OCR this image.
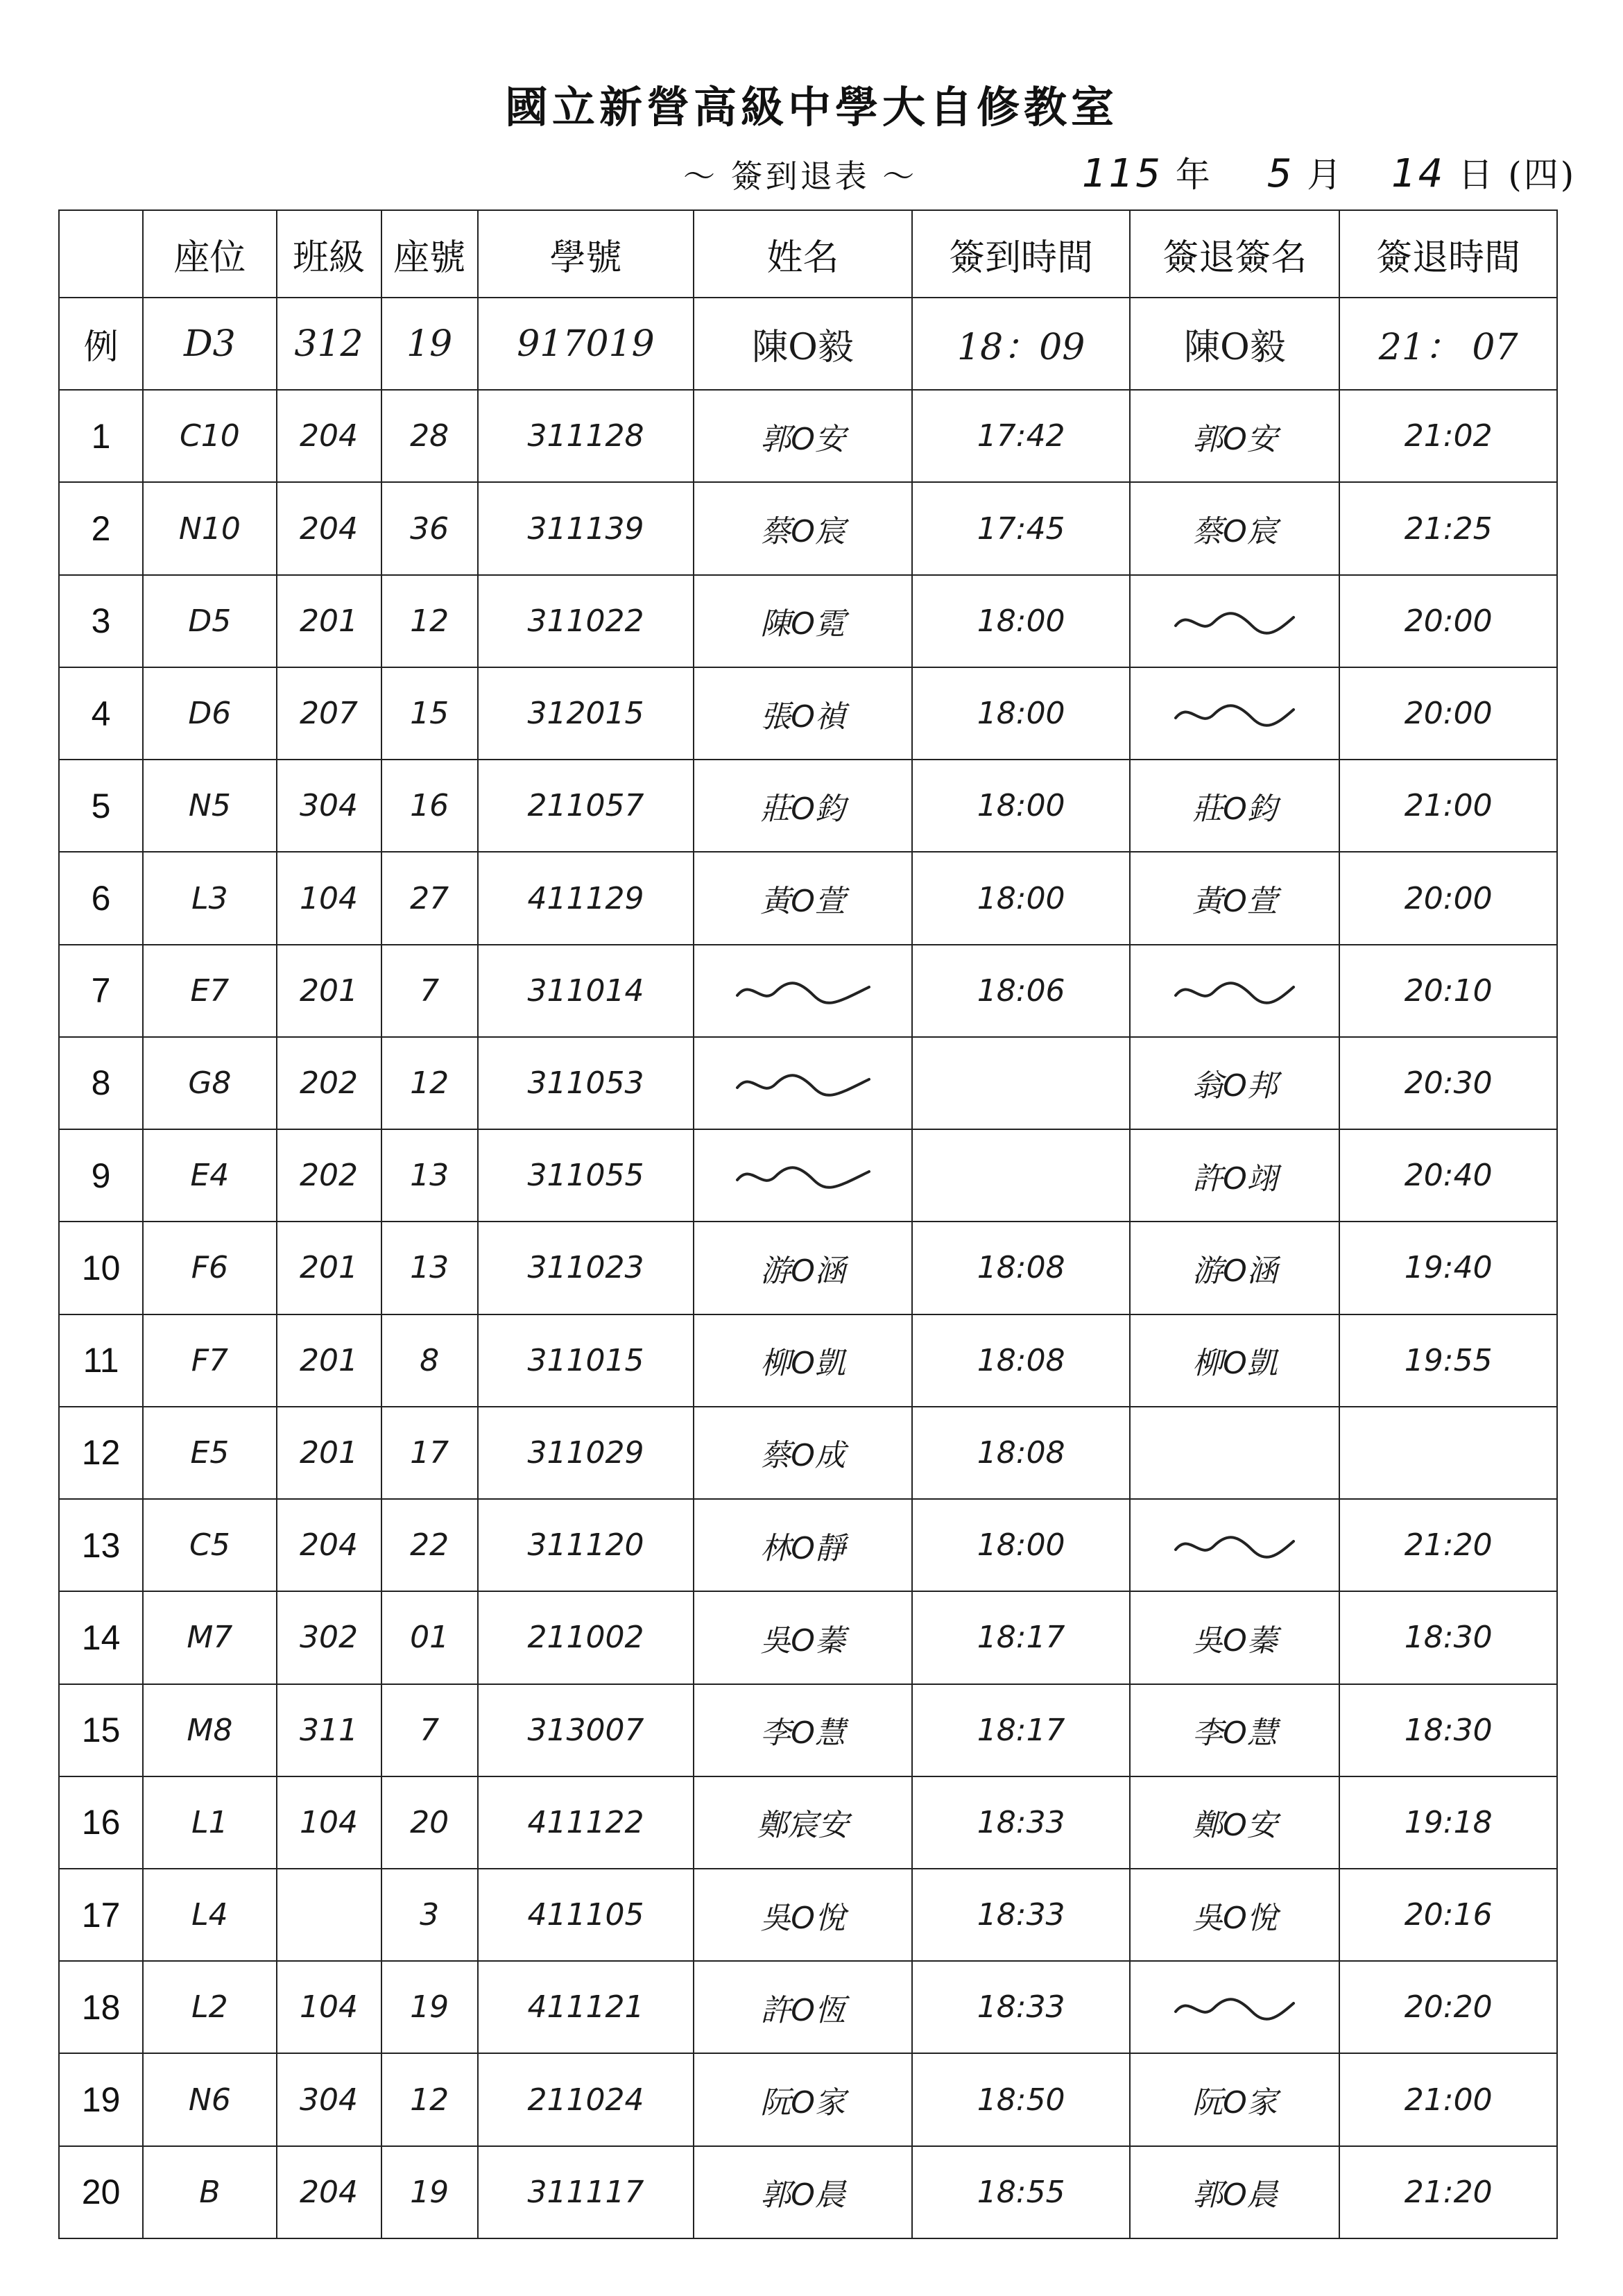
國立新營高級中學大自修教室
～ 簽到退表 ～	115 年 5 月 14 日 (四)
	座位	班級	座號	學號	姓名	簽到時間	簽退簽名	簽退時間
例	D3	312	19	917019	陳O毅	18：09	陳O毅	21： 07
1	C10	204	28	311128	郭O安	17:42	郭O安	21:02
2	N10	204	36	311139	蔡O宸	17:45	蔡O宸	21:25
3	D5	201	12	311022	陳O霓	18:00		20:00
4	D6	207	15	312015	張O禎	18:00		20:00
5	N5	304	16	211057	莊O鈞	18:00	莊O鈞	21:00
6	L3	104	27	411129	黃O萱	18:00	黃O萱	20:00
7	E7	201	7	311014		18:06		20:10
8	G8	202	12	311053			翁O邦	20:30
9	E4	202	13	311055			許O翊	20:40
10	F6	201	13	311023	游O涵	18:08	游O涵	19:40
11	F7	201	8	311015	柳O凱	18:08	柳O凱	19:55
12	E5	201	17	311029	蔡O成	18:08		
13	C5	204	22	311120	林O靜	18:00		21:20
14	M7	302	01	211002	吳O蓁	18:17	吳O蓁	18:30
15	M8	311	7	313007	李O慧	18:17	李O慧	18:30
16	L1	104	20	411122	鄭宸安	18:33	鄭O安	19:18
17	L4		3	411105	吳O悅	18:33	吳O悅	20:16
18	L2	104	19	411121	許O恆	18:33		20:20
19	N6	304	12	211024	阮O家	18:50	阮O家	21:00
20	B	204	19	311117	郭O晨	18:55	郭O晨	21:20
